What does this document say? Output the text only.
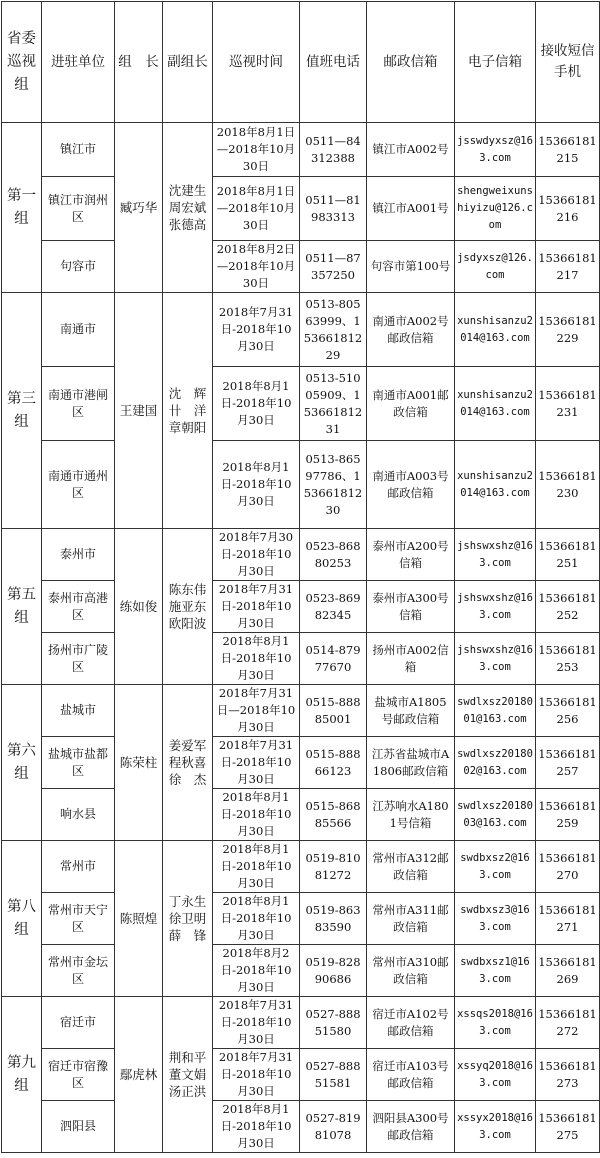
省委巡视组	进驻单位	组　长	副组长	巡视时间	值班电话	邮政信箱	电子信箱	接收短信手机
第一组	镇江市	臧巧华	沈建生周宏斌张德高	2018年8月1日—2018年10月30日	0511—84312388	镇江市A002号	jsswdyxsz@163.com	15366181215
	镇江市润州区			2018年8月1日—2018年10月30日	0511—81983313	镇江市A001号	shengweixunshiyizu@126.com	15366181216
	句容市			2018年8月2日—2018年10月30日	0511—87357250	句容市第100号	jsdyxsz@126.com	15366181217
第三组	南通市	王建国	沈　辉 卄　洋 章朝阳	2018年7月31日-2018年10月30日	0513-80563999、15366181229	南通市A002号邮政信箱	xunshisanzu2014@163.com	15366181229
	南通市港闸区			2018年8月1日-2018年10月30日	0513-51005909、15366181231	南通市A001邮政信箱	xunshisanzu2014@163.com	15366181231
	南通市通州区			2018年8月1日-2018年10月30日	0513-86597786、15366181230	南通市A003号邮政信箱	xunshisanzu2014@163.com	15366181230
第五组	泰州市	练如俊	陈东伟施亚东欧阳波	2018年7月30日-2018年10月30日	0523-86880253	泰州市A200号信箱	jshswxshz@163.com	15366181251
	泰州市高港区			2018年7月31日-2018年10月30日	0523-86982345	泰州市A300号信箱	jshswxshz@163.com	15366181252
	扬州市广陵区			2018年8月1日-2018年10月30日	0514-87977670	扬州市A002信箱	jshswxshz@163.com	15366181253
第六组	盐城市	陈荣柱	姜爱军程秋喜徐　杰	2018年7月31日—2018年10月30日	0515-88885001	盐城市A1805号邮政信箱	swdlxsz2018001@163.com	15366181256
	盐城市盐都区			2018年7月31日-2018年10月30日	0515-88866123	江苏省盐城市A1806邮政信箱	swdlxsz2018002@163.com	15366181257
	响水县			2018年8月1日-2018年10月30日	0515-86885566	江苏响水A1801号信箱	swdlxsz2018003@163.com	15366181259
第八组	常州市	陈照煌	丁永生徐卫明薛　锋	2018年8月1日-2018年10月30日	0519-81081272	常州市A312邮政信箱	swdbxsz2@163.com	15366181270
	常州市天宁区			2018年8月1日-2018年10月30日	0519-86383590	常州市A311邮政信箱	swdbxsz3@163.com	15366181271
	常州市金坛区			2018年8月2日-2018年10月30日	0519-82890686	常州市A310邮政信箱	swdbxsz1@163.com	15366181269
第九组	宿迁市	鄢虎林	荆和平董文娟汤正洪	2018年7月31日-2018年10月30日	0527-88851580	宿迁市A102号邮政信箱	xssqs2018@163.com	15366181272
	宿迁市宿豫区			2018年7月31日-2018年10月30日	0527-88851581	宿迁市A103号邮政信箱	xssyq2018@163.com	15366181273
	泗阳县			2018年8月1日-2018年10月30日	0527-81981078	泗阳县A300号邮政信箱	xssyx2018@163.com	15366181275
